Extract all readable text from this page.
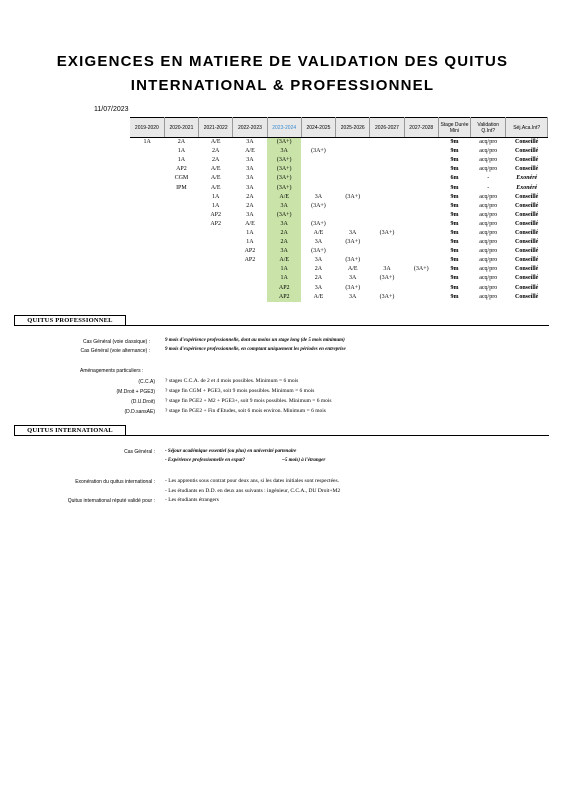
EXIGENCES EN MATIERE DE VALIDATION DES QUITUS
INTERNATIONAL & PROFESSIONNEL
11/07/2023
2019-2020	2020-2021	2021-2022	2022-2023	2023-2024	2024-2025	2025-2026	2026-2027	2027-2028	Stage Durée Mini	Validation Q.Int?	Séj.Aca.Int?
1A	2A	A/E	3A	(3A+)					9m	acq/pro	Conseillé
	1A	2A	A/E	3A	(3A+)				9m	acq/pro	Conseillé
	1A	2A	3A	(3A+)					9m	acq/pro	Conseillé
	AP2	A/E	3A	(3A+)					9m	acq/pro	Conseillé
	CGM	A/E	3A	(3A+)					6m	-	Exonéré
	IPM	A/E	3A	(3A+)					9m	-	Exonéré
		1A	2A	A/E	3A	(3A+)			9m	acq/pro	Conseillé
		1A	2A	3A	(3A+)				9m	acq/pro	Conseillé
		AP2	3A	(3A+)					9m	acq/pro	Conseillé
		AP2	A/E	3A	(3A+)				9m	acq/pro	Conseillé
			1A	2A	A/E	3A	(3A+)		9m	acq/pro	Conseillé
			1A	2A	3A	(3A+)			9m	acq/pro	Conseillé
			AP2	3A	(3A+)				9m	acq/pro	Conseillé
			AP2	A/E	3A	(3A+)			9m	acq/pro	Conseillé
				1A	2A	A/E	3A	(3A+)	9m	acq/pro	Conseillé
				1A	2A	3A	(3A+)		9m	acq/pro	Conseillé
				AP2	3A	(3A+)			9m	acq/pro	Conseillé
				AP2	A/E	3A	(3A+)		9m	acq/pro	Conseillé
QUITUS PROFESSIONNEL
Cas Général (voie classique) :	9 mois d'expérience professionnelle, dont au moins un stage long (de 5 mois minimum)
Cas Général (voie alternance) :	9 mois d'expérience professionnelle, en comptant uniquement les périodes en entreprise
Aménagements particuliers :
(C.C.A) ? stages C.C.A. de 2 et 4 mois possibles. Minimum = 6 mois
(M.Droit + PGE3) ? stage fin CGM + PGE3, soit 9 mois possibles. Minimum = 6 mois
(D.U.Droit) ? stage fin PGE2 + M2 + PGE3+, soit 9 mois possibles. Minimum = 6 mois
(D.D.sansAE) ? stage fin PGE2 + Fin d'Etudes, soit 6 mois environ. Minimum = 6 mois
QUITUS INTERNATIONAL
Cas Général : - Séjour académique essentiel (ou plus) en université partenaire
- Expérience professionnelle en expat?	~5 mois) à l'étranger
Exonération du quitus international : - Les apprentis sous contrat pour deux ans, si les dates initiales sont respectées.
- Les étudiants en D.D. en deux ans suivants : ingénieur, C.C.A., DU Droit+M2
Quitus international réputé validé pour : - Les étudiants étrangers
